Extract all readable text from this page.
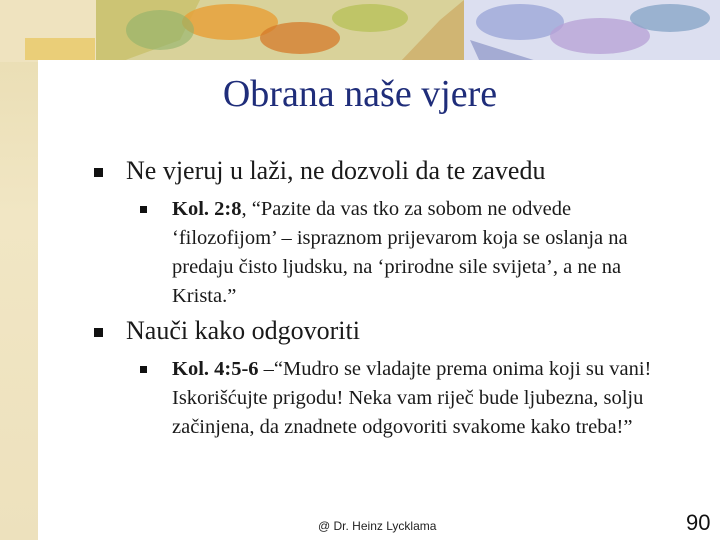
Obrana naše vjere
Ne vjeruj u laži, ne dozvoli da te zavedu
Kol. 2:8, “Pazite da vas tko za sobom ne odvede ‘filozofijom’ – ispraznom prijevarom koja se oslanja na predaju čisto ljudsku, na ‘prirodne sile svijeta’, a ne na Krista.”
Nauči kako odgovoriti
Kol. 4:5-6 –“Mudro se vladajte prema onima koji su vani! Iskorišćujte prigodu! Neka vam riječ bude ljubezna, solju začinjena, da znadnete odgovoriti svakome kako treba!”
@ Dr. Heinz Lycklama	90
